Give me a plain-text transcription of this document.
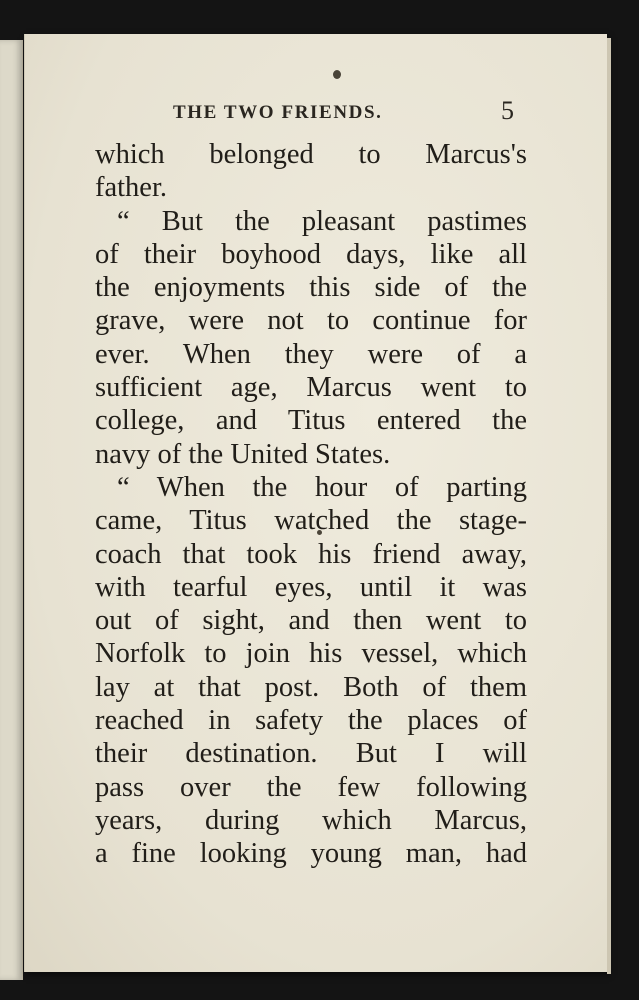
THE TWO FRIENDS.	5
which belonged to Marcus's
father.
“ But the pleasant pastimes
of their boyhood days, like all
the enjoyments this side of the
grave, were not to continue for
ever. When they were of a
sufficient age, Marcus went to
college, and Titus entered the
navy of the United States.
“ When the hour of parting
came, Titus watched the stage-
coach that took his friend away,
with tearful eyes, until it was
out of sight, and then went to
Norfolk to join his vessel, which
lay at that post. Both of them
reached in safety the places of
their destination. But I will
pass over the few following
years, during which Marcus,
a fine looking young man, had
